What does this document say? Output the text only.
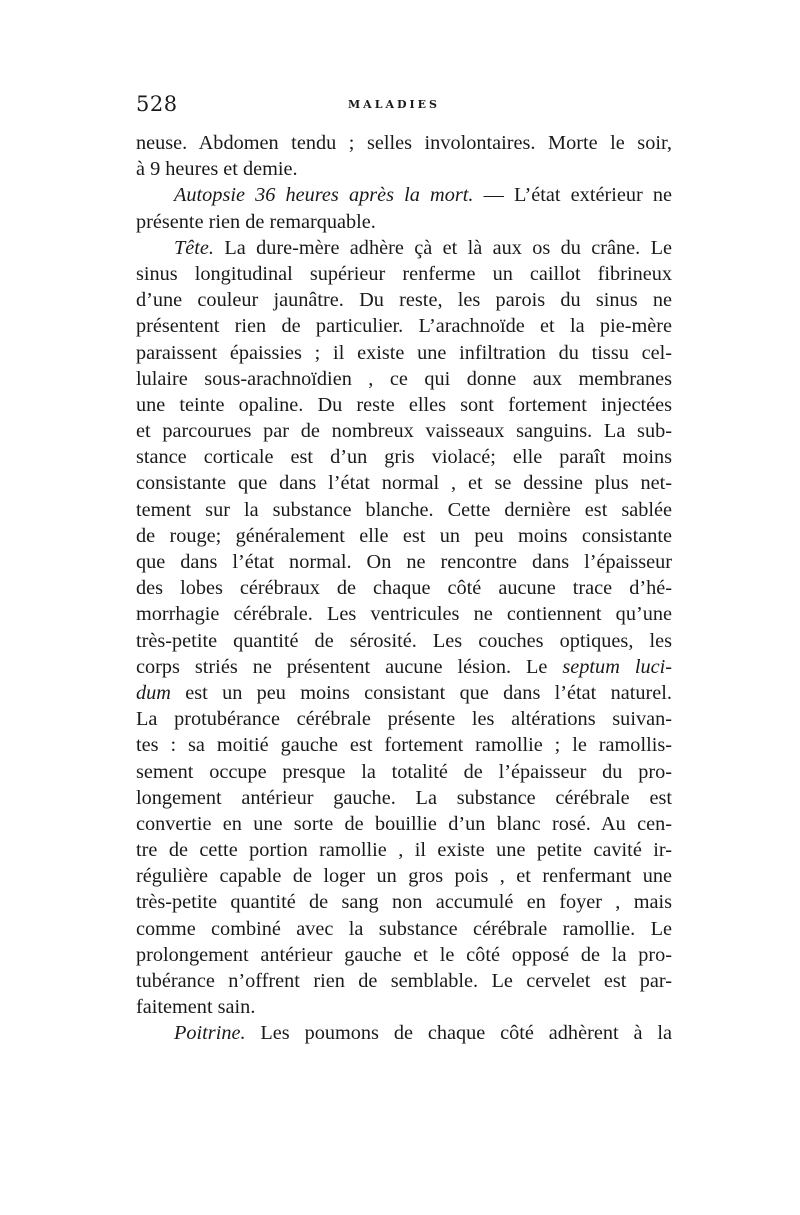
528	MALADIES
neuse. Abdomen tendu ; selles involontaires. Morte le soir,
à 9 heures et demie.
Autopsie 36 heures après la mort. — L’état extérieur ne
présente rien de remarquable.
Tête. La dure-mère adhère çà et là aux os du crâne. Le
sinus longitudinal supérieur renferme un caillot fibrineux
d’une couleur jaunâtre. Du reste, les parois du sinus ne
présentent rien de particulier. L’arachnoïde et la pie-mère
paraissent épaissies ; il existe une infiltration du tissu cel-
lulaire sous-arachnoïdien , ce qui donne aux membranes
une teinte opaline. Du reste elles sont fortement injectées
et parcourues par de nombreux vaisseaux sanguins. La sub-
stance corticale est d’un gris violacé; elle paraît moins
consistante que dans l’état normal , et se dessine plus net-
tement sur la substance blanche. Cette dernière est sablée
de rouge; généralement elle est un peu moins consistante
que dans l’état normal. On ne rencontre dans l’épaisseur
des lobes cérébraux de chaque côté aucune trace d’hé-
morrhagie cérébrale. Les ventricules ne contiennent qu’une
très-petite quantité de sérosité. Les couches optiques, les
corps striés ne présentent aucune lésion. Le septum luci-
dum est un peu moins consistant que dans l’état naturel.
La protubérance cérébrale présente les altérations suivan-
tes : sa moitié gauche est fortement ramollie ; le ramollis-
sement occupe presque la totalité de l’épaisseur du pro-
longement antérieur gauche. La substance cérébrale est
convertie en une sorte de bouillie d’un blanc rosé. Au cen-
tre de cette portion ramollie , il existe une petite cavité ir-
régulière capable de loger un gros pois , et renfermant une
très-petite quantité de sang non accumulé en foyer , mais
comme combiné avec la substance cérébrale ramollie. Le
prolongement antérieur gauche et le côté opposé de la pro-
tubérance n’offrent rien de semblable. Le cervelet est par-
faitement sain.
Poitrine. Les poumons de chaque côté adhèrent à la
